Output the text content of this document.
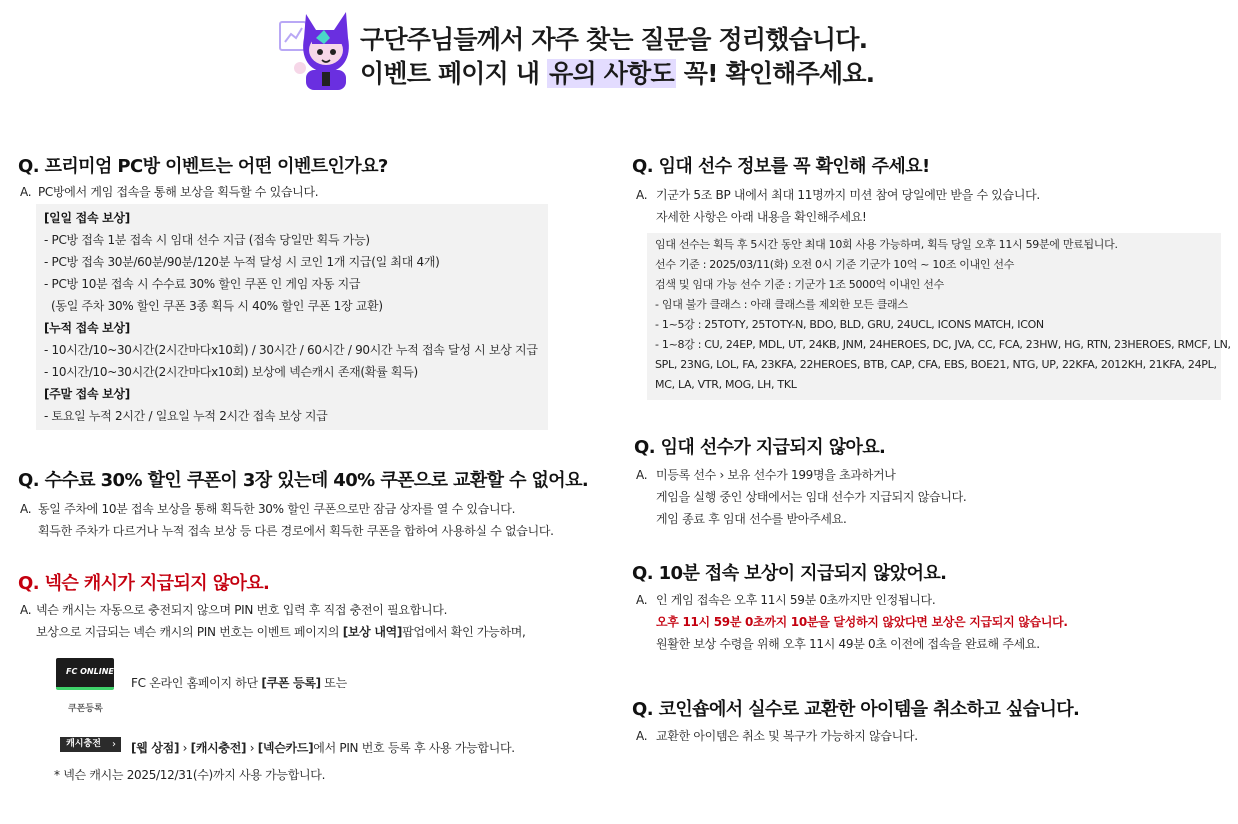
구단주님들께서 자주 찾는 질문을 정리했습니다.
이벤트 페이지 내 유의 사항도 꼭! 확인해주세요.
Q. 프리미엄 PC방 이벤트는 어떤 이벤트인가요?
A. PC방에서 게임 접속을 통해 보상을 획득할 수 있습니다.
[일일 접속 보상]
- PC방 접속 1분 접속 시 임대 선수 지급 (접속 당일만 획득 가능)
- PC방 접속 30분/60분/90분/120분 누적 달성 시 코인 1개 지급(일 최대 4개)
- PC방 10분 접속 시 수수료 30% 할인 쿠폰 인 게임 자동 지급
(동일 주차 30% 할인 쿠폰 3종 획득 시 40% 할인 쿠폰 1장 교환)
[누적 접속 보상]
- 10시간/10~30시간(2시간마다x10회) / 30시간 / 60시간 / 90시간 누적 접속 달성 시 보상 지급
- 10시간/10~30시간(2시간마다x10회) 보상에 넥슨캐시 존재(확률 획득)
[주말 접속 보상]
- 토요일 누적 2시간 / 일요일 누적 2시간 접속 보상 지급
Q. 수수료 30% 할인 쿠폰이 3장 있는데 40% 쿠폰으로 교환할 수 없어요.
A. 동일 주차에 10분 접속 보상을 통해 획득한 30% 할인 쿠폰으로만 잠금 상자를 열 수 있습니다.
획득한 주차가 다르거나 누적 접속 보상 등 다른 경로에서 획득한 쿠폰을 합하여 사용하실 수 없습니다.
Q. 넥슨 캐시가 지급되지 않아요.
A. 넥슨 캐시는 자동으로 충전되지 않으며 PIN 번호 입력 후 직접 충전이 필요합니다.
보상으로 지급되는 넥슨 캐시의 PIN 번호는 이벤트 페이지의 [보상 내역]팝업에서 확인 가능하며,
FC ONLINE
쿠폰등록
FC 온라인 홈페이지 하단 [쿠폰 등록] 또는
캐시충전	›	[웹 상점] › [캐시충전] › [넥슨카드]에서 PIN 번호 등록 후 사용 가능합니다.
* 넥슨 캐시는 2025/12/31(수)까지 사용 가능합니다.
Q. 임대 선수 정보를 꼭 확인해 주세요!
A. 기군가 5조 BP 내에서 최대 11명까지 미션 참여 당일에만 받을 수 있습니다.
자세한 사항은 아래 내용을 확인해주세요!
임대 선수는 획득 후 5시간 동안 최대 10회 사용 가능하며, 획득 당일 오후 11시 59분에 만료됩니다.
선수 기준 : 2025/03/11(화) 오전 0시 기준 기군가 10억 ~ 10조 이내인 선수
검색 및 임대 가능 선수 기준 : 기군가 1조 5000억 이내인 선수
- 임대 불가 클래스 : 아래 클래스를 제외한 모든 클래스
- 1~5강 : 25TOTY, 25TOTY-N, BDO, BLD, GRU, 24UCL, ICONS MATCH, ICON
- 1~8강 : CU, 24EP, MDL, UT, 24KB, JNM, 24HEROES, DC, JVA, CC, FCA, 23HW, HG, RTN, 23HEROES, RMCF, LN,
SPL, 23NG, LOL, FA, 23KFA, 22HEROES, BTB, CAP, CFA, EBS, BOE21, NTG, UP, 22KFA, 2012KH, 21KFA, 24PL,
MC, LA, VTR, MOG, LH, TKL
Q. 임대 선수가 지급되지 않아요.
A. 미등록 선수 › 보유 선수가 199명을 초과하거나
게임을 실행 중인 상태에서는 임대 선수가 지급되지 않습니다.
게임 종료 후 임대 선수를 받아주세요.
Q. 10분 접속 보상이 지급되지 않았어요.
A. 인 게임 접속은 오후 11시 59분 0초까지만 인정됩니다.
오후 11시 59분 0초까지 10분을 달성하지 않았다면 보상은 지급되지 않습니다.
원활한 보상 수령을 위해 오후 11시 49분 0초 이전에 접속을 완료해 주세요.
Q. 코인숍에서 실수로 교환한 아이템을 취소하고 싶습니다.
A. 교환한 아이템은 취소 및 복구가 가능하지 않습니다.
